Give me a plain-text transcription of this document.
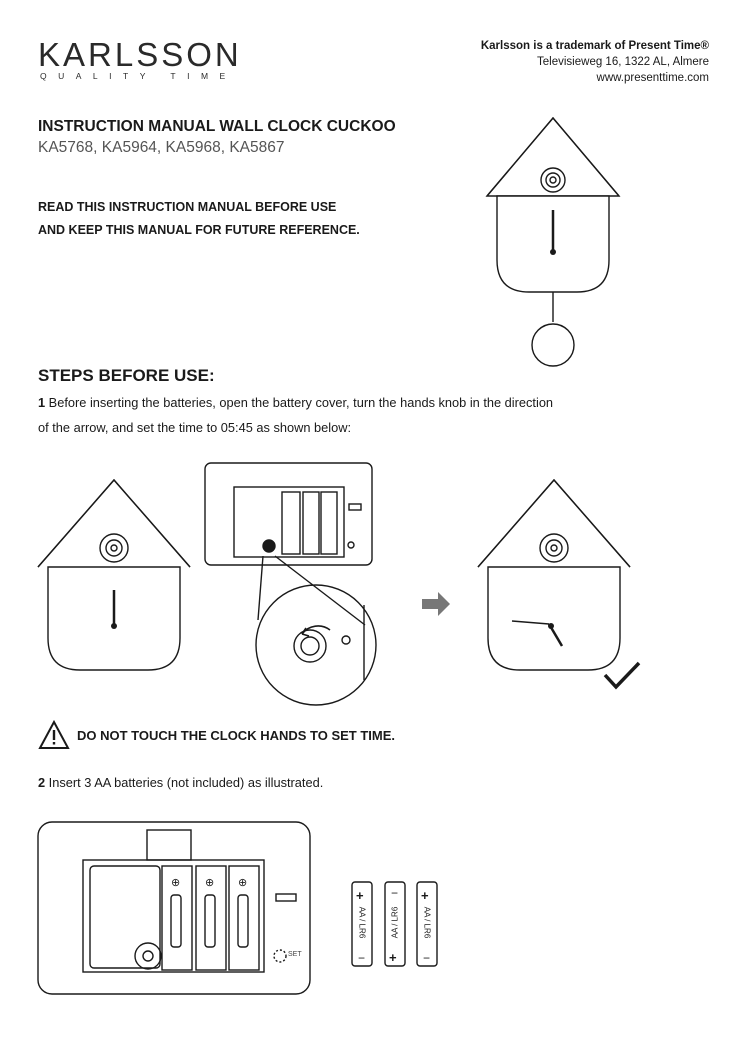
KARLSSON
QUALITY TIME
Karlsson is a trademark of Present Time®
Televisieweg 16, 1322 AL, Almere
www.presenttime.com
INSTRUCTION MANUAL WALL CLOCK CUCKOO
KA5768, KA5964, KA5968, KA5867
READ THIS INSTRUCTION MANUAL BEFORE USE
AND KEEP THIS MANUAL FOR FUTURE REFERENCE.
STEPS BEFORE USE:
1 Before inserting the batteries, open the battery cover, turn the hands knob in the direction of the arrow, and set the time to 05:45 as shown below:
DO NOT TOUCH THE CLOCK HANDS TO SET TIME.
2 Insert 3 AA batteries (not included) as illustrated.
⊕ ⊕ ⊕
+
+
+
−
−
−
SET
AA / LR6	AA / LR6	AA / LR6
